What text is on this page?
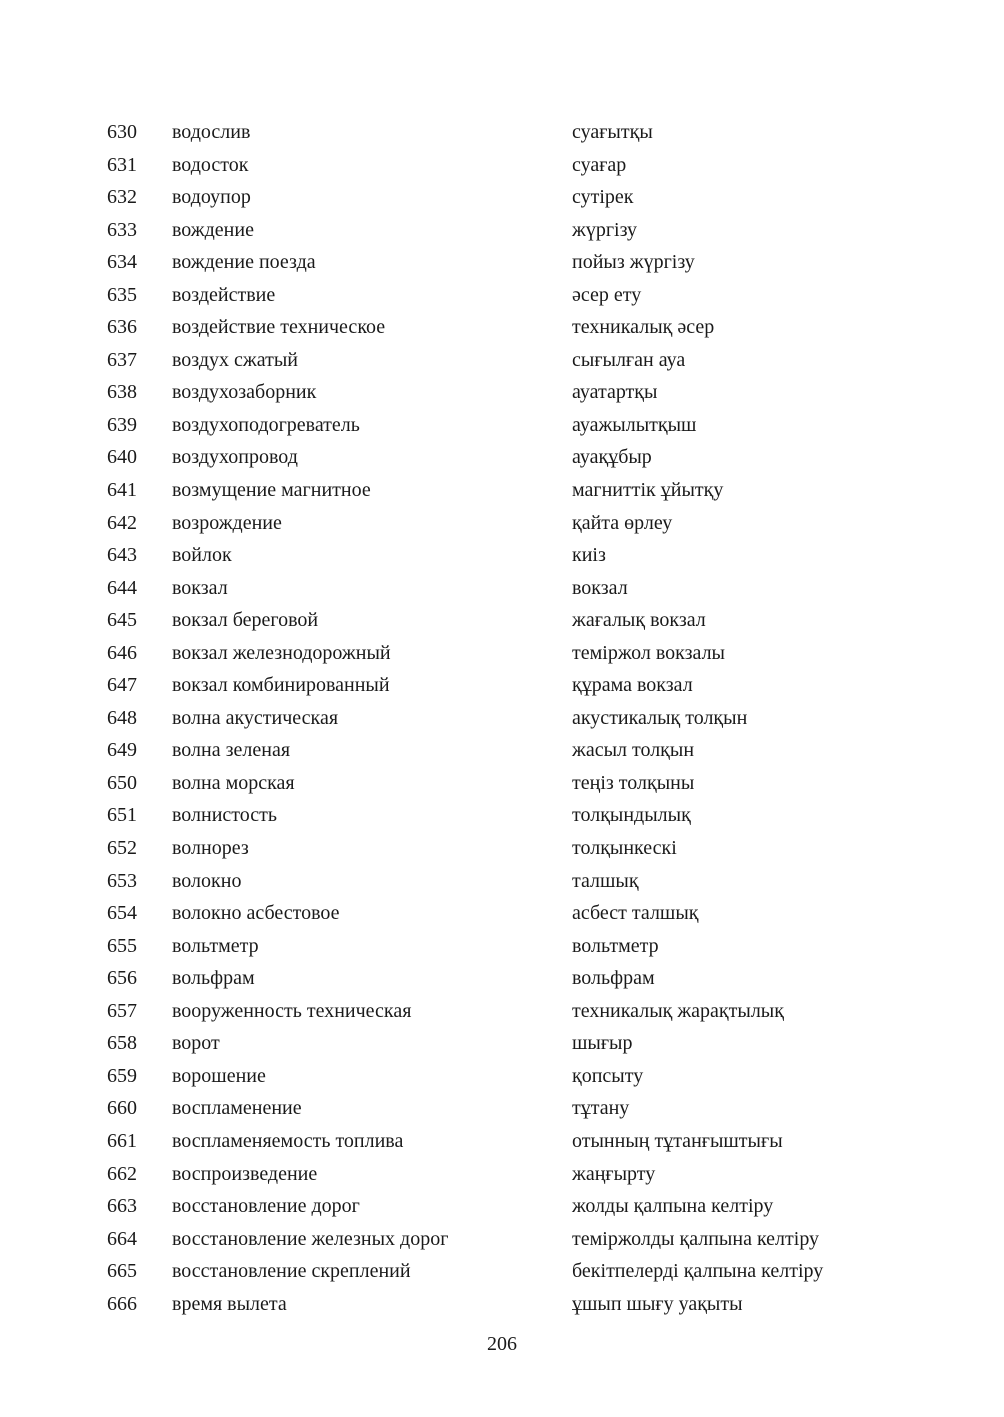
630 водослив	суағытқы
631 водосток	суағар
632 водоупор	сутірек
633 вождение	жүргізу
634 вождение поезда	пойыз жүргізу
635 воздействие	әсер ету
636 воздействие техническое	техникалық әсер
637 воздух сжатый	сығылған ауа
638 воздухозаборник	ауатартқы
639 воздухоподогреватель	ауажылытқыш
640 воздухопровод	ауақұбыр
641 возмущение магнитное	магниттік ұйытқу
642 возрождение	қайта өрлеу
643 войлок	киіз
644 вокзал	вокзал
645 вокзал береговой	жағалық вокзал
646 вокзал железнодорожный	теміржол вокзалы
647 вокзал комбинированный	құрама вокзал
648 волна акустическая	акустикалық толқын
649 волна зеленая	жасыл толқын
650 волна морская	теңіз толқыны
651 волнистость	толқындылық
652 волнорез	толқынкескі
653 волокно	талшық
654 волокно асбестовое	асбест талшық
655 вольтметр	вольтметр
656 вольфрам	вольфрам
657 вооруженность техническая	техникалық жарақтылық
658 ворот	шығыр
659 ворошение	қопсыту
660 воспламенение	тұтану
661 воспламеняемость топлива	отынның тұтанғыштығы
662 воспроизведение	жаңғырту
663 восстановление дорог	жолды қалпына келтіру
664 восстановление железных дорог	теміржолды қалпына келтіру
665 восстановление скреплений	бекітпелерді қалпына келтіру
666 время вылета	ұшып шығу уақыты
206
